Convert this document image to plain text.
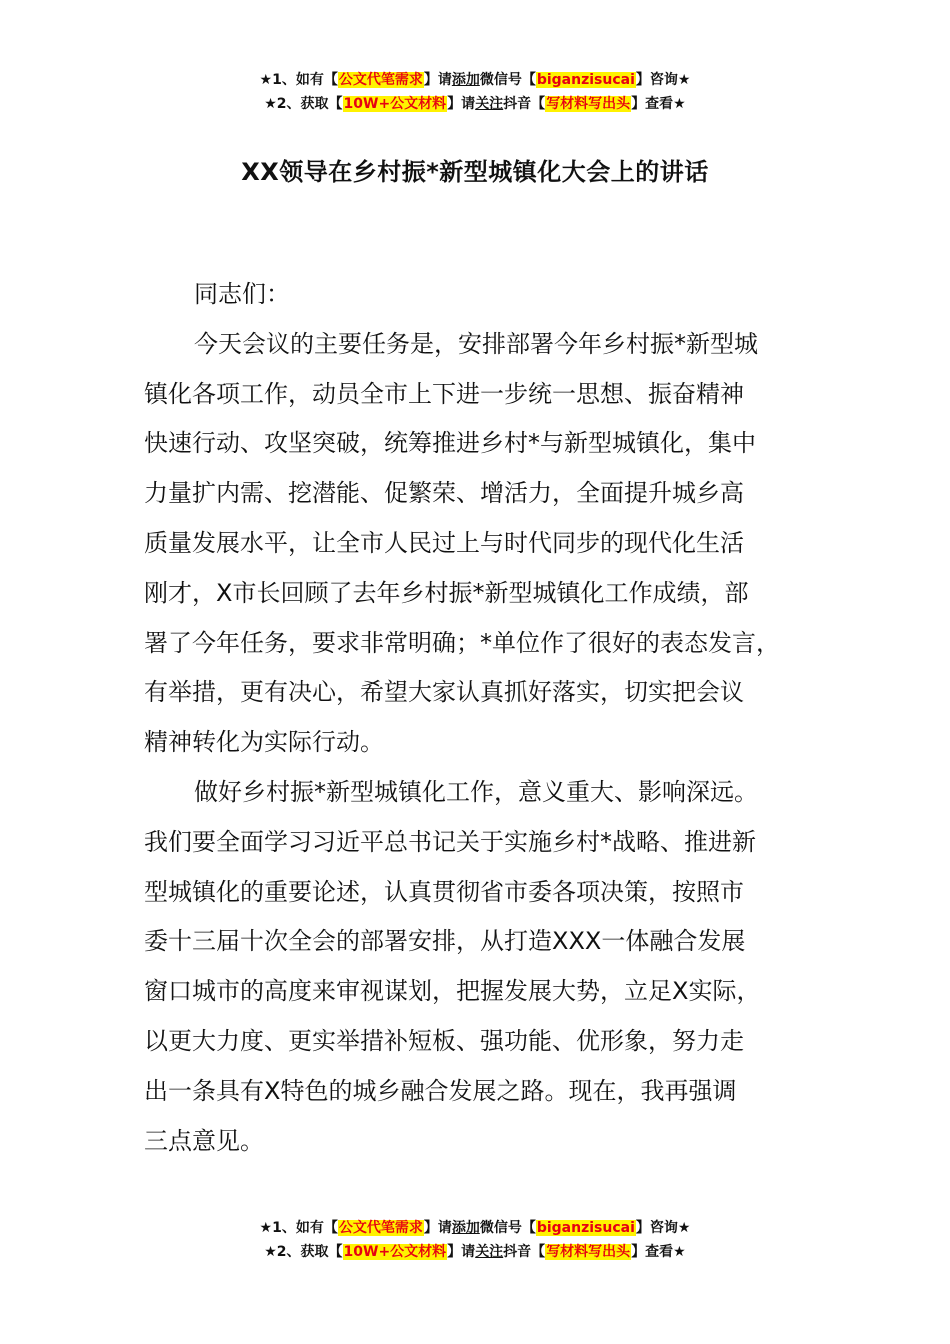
★1、如有【公文代笔需求】请添加微信号【biganzisucai】咨询★
★2、获取【10W+公文材料】请关注抖音【写材料写出头】查看★
XX领导在乡村振*新型城镇化大会上的讲话

同志们：

今天会议的主要任务是，安排部署今年乡村振*新型城
镇化各项工作，动员全市上下进一步统一思想、振奋精神
快速行动、攻坚突破，统筹推进乡村*与新型城镇化，集中
力量扩内需、挖潜能、促繁荣、增活力，全面提升城乡高
质量发展水平，让全市人民过上与时代同步的现代化生活
刚才，X市长回顾了去年乡村振*新型城镇化工作成绩，部
署了今年任务，要求非常明确；*单位作了很好的表态发言，
有举措，更有决心，希望大家认真抓好落实，切实把会议
精神转化为实际行动。

做好乡村振*新型城镇化工作，意义重大、影响深远。
我们要全面学习习近平总书记关于实施乡村*战略、推进新
型城镇化的重要论述，认真贯彻省市委各项决策，按照市
委十三届十次全会的部署安排，从打造XXX一体融合发展
窗口城市的高度来审视谋划，把握发展大势，立足X实际，
以更大力度、更实举措补短板、强功能、优形象，努力走
出一条具有X特色的城乡融合发展之路。现在，我再强调
三点意见。

★1、如有【公文代笔需求】请添加微信号【biganzisucai】咨询★
★2、获取【10W+公文材料】请关注抖音【写材料写出头】查看★
